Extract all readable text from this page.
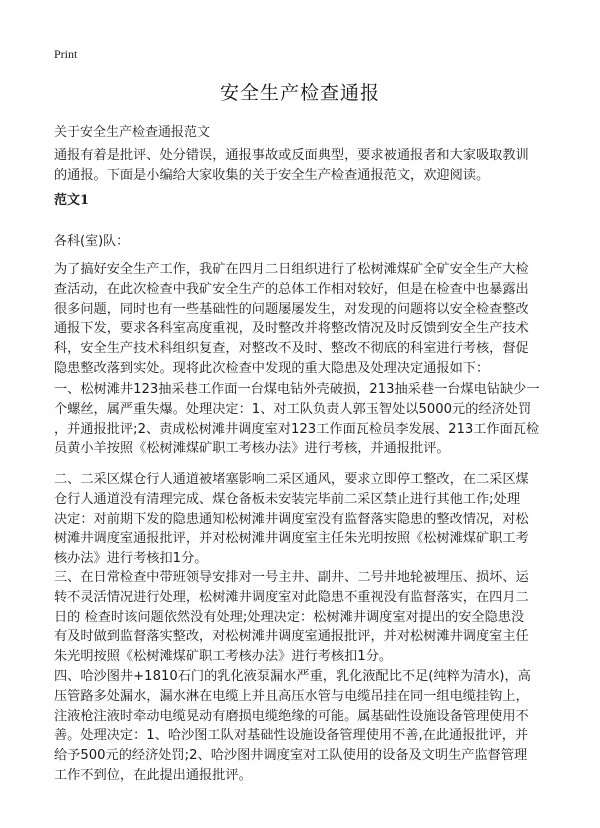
Print
安全生产检查通报
关于安全生产检查通报范文
通报有着是批评、处分错误，通报事故或反面典型，要求被通报者和大家吸取教训
的通报。下面是小编给大家收集的关于安全生产检查通报范文，欢迎阅读。
范文1
各科(室)队：
为了搞好安全生产工作，我矿在四月二日组织进行了松树滩煤矿全矿安全生产大检
查活动，在此次检查中我矿安全生产的总体工作相对较好，但是在检查中也暴露出
很多问题，同时也有一些基础性的问题屡屡发生，对发现的问题将以安全检查整改
通报下发，要求各科室高度重视，及时整改并将整改情况及时反馈到安全生产技术
科，安全生产技术科组织复查，对整改不及时、整改不彻底的科室进行考核，督促
隐患整改落到实处。现将此次检查中发现的重大隐患及处理决定通报如下：
一、松树滩井123抽采巷工作面一台煤电钻外壳破损，213抽采巷一台煤电钻缺少一
个螺丝，属严重失爆。处理决定：1、对工队负责人郭玉智处以5000元的经济处罚
，并通报批评;2、责成松树滩井调度室对123工作面瓦检员李发展、213工作面瓦检
员黄小羊按照《松树滩煤矿职工考核办法》进行考核，并通报批评。
二、二采区煤仓行人通道被堵塞影响二采区通风，要求立即停工整改，在二采区煤
仓行人通道没有清理完成、煤仓备板未安装完毕前二采区禁止进行其他工作;处理
决定：对前期下发的隐患通知松树滩井调度室没有监督落实隐患的整改情况，对松
树滩井调度室通报批评，并对松树滩井调度室主任朱光明按照《松树滩煤矿职工考
核办法》进行考核扣1分。
三、在日常检查中带班领导安排对一号主井、副井、二号井地轮被埋压、损坏、运
转不灵活情况进行处理，松树滩井调度室对此隐患不重视没有监督落实，在四月二
日的 检查时该问题依然没有处理;处理决定：松树滩井调度室对提出的安全隐患没
有及时做到监督落实整改，对松树滩井调度室通报批评，并对松树滩井调度室主任
朱光明按照《松树滩煤矿职工考核办法》进行考核扣1分。
四、哈沙图井+1810石门的乳化液泵漏水严重，乳化液配比不足(纯粹为清水)，高
压管路多处漏水，漏水淋在电缆上并且高压水管与电缆吊挂在同一组电缆挂钩上，
注液枪注液时牵动电缆晃动有磨损电缆绝缘的可能。属基础性设施设备管理使用不
善。处理决定：1、哈沙图工队对基础性设施设备管理使用不善,在此通报批评，并
给予500元的经济处罚;2、哈沙图井调度室对工队使用的设备及文明生产监督管理
工作不到位，在此提出通报批评。
